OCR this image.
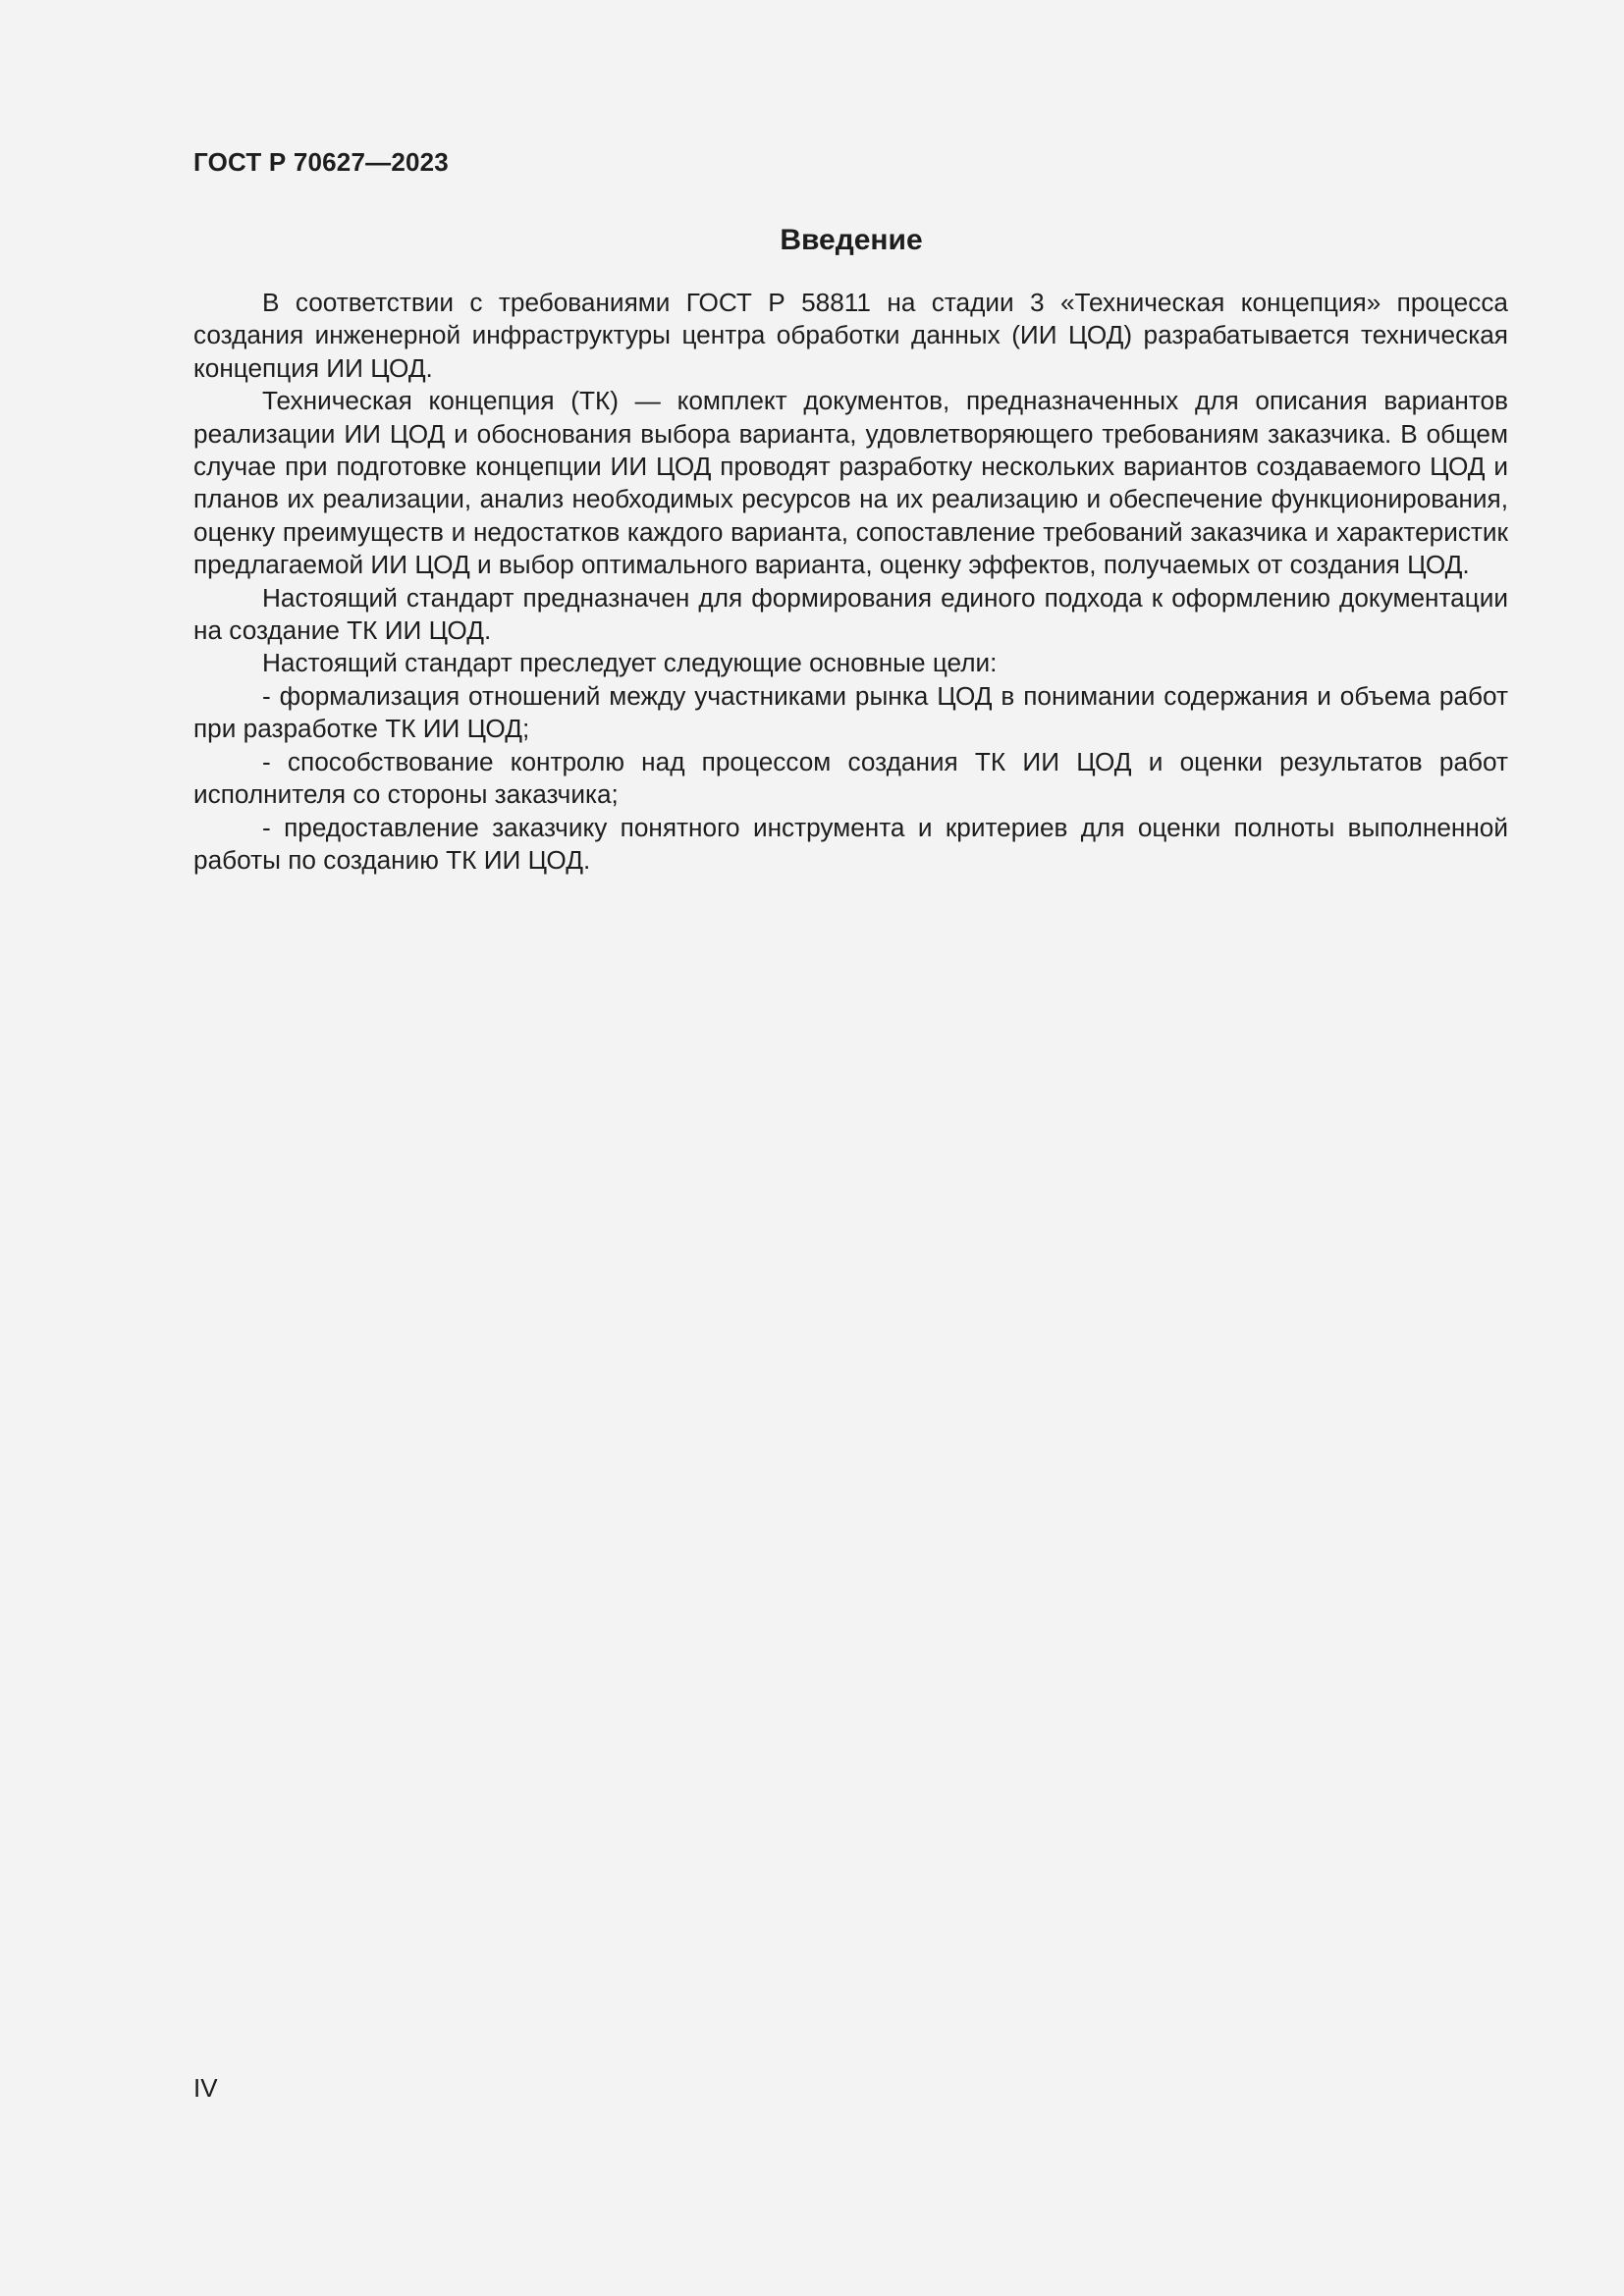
ГОСТ Р 70627—2023

Введение

В соответствии с требованиями ГОСТ Р 58811 на стадии 3 «Техническая концепция» процесса создания инженерной инфраструктуры центра обработки данных (ИИ ЦОД) разрабатывается техническая концепция ИИ ЦОД.

Техническая концепция (ТК) — комплект документов, предназначенных для описания вариантов реализации ИИ ЦОД и обоснования выбора варианта, удовлетворяющего требованиям заказчика. В общем случае при подготовке концепции ИИ ЦОД проводят разработку нескольких вариантов создаваемого ЦОД и планов их реализации, анализ необходимых ресурсов на их реализацию и обеспечение функционирования, оценку преимуществ и недостатков каждого варианта, сопоставление требований заказчика и характеристик предлагаемой ИИ ЦОД и выбор оптимального варианта, оценку эффектов, получаемых от создания ЦОД.

Настоящий стандарт предназначен для формирования единого подхода к оформлению документации на создание ТК ИИ ЦОД.

Настоящий стандарт преследует следующие основные цели:

- формализация отношений между участниками рынка ЦОД в понимании содержания и объема работ при разработке ТК ИИ ЦОД;

- способствование контролю над процессом создания ТК ИИ ЦОД и оценки результатов работ исполнителя со стороны заказчика;

- предоставление заказчику понятного инструмента и критериев для оценки полноты выполненной работы по созданию ТК ИИ ЦОД.

IV
